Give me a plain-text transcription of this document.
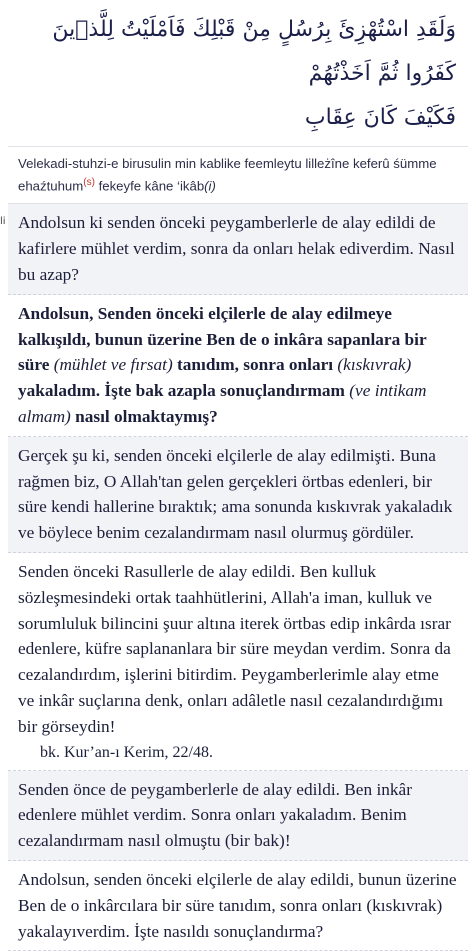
وَلَقَدِ اسْتُهْزِئَ بِرُسُلٍ مِنْ قَبْلِكَ فَاَمْلَيْتُ لِلَّذ۪ينَ كَفَرُوا ثُمَّ اَخَذْتُهُمْ

فَكَيْفَ كَانَ عِقَابِ

Velekadi-stuhzi-e birusulin min kablike feemleytu lilleżîne keferû śümme ehaźtuhum$^{(s)}$ fekeyfe kâne ‘ikâb(i)

li Andolsun ki senden önceki peygamberlerle de alay edildi de kafirlere mühlet verdim, sonra da onları helak ediverdim. Nasıl bu azap?

Andolsun, Senden önceki elçilerle de alay edilmeye kalkışıldı, bunun üzerine Ben de o inkâra sapanlara bir süre (mühlet ve fırsat) tanıdım, sonra onları (kıskıvrak) yakaladım. İşte bak azapla sonuçlandırmam (ve intikam almam) nasıl olmaktaymış?

Gerçek şu ki, senden önceki elçilerle de alay edilmişti. Buna rağmen biz, O Allah'tan gelen gerçekleri örtbas edenleri, bir süre kendi hallerine bıraktık; ama sonunda kıskıvrak yakaladık ve böylece benim cezalandırmam nasıl olurmuş gördüler.

Senden önceki Rasullerle de alay edildi. Ben kulluk sözleşmesindeki ortak taahhütlerini, Allah'a iman, kulluk ve sorumluluk bilincini şuur altına iterek örtbas edip inkârda ısrar edenlere, küfre saplananlara bir süre meydan verdim. Sonra da cezalandırdım, işlerini bitirdim. Peygamberlerimle alay etme ve inkâr suçlarına denk, onları adâletle nasıl cezalandırdığımı bir görseydin!

bk. Kur’an-ı Kerim, 22/48.

Senden önce de peygamberlerle de alay edildi. Ben inkâr edenlere mühlet verdim. Sonra onları yakaladım. Benim cezalandırmam nasıl olmuştu (bir bak)!

Andolsun, senden önceki elçilerle de alay edildi, bunun üzerine Ben de o inkârcılara bir süre tanıdım, sonra onları (kıskıvrak) yakalayıverdim. İşte nasıldı sonuçlandırma?
